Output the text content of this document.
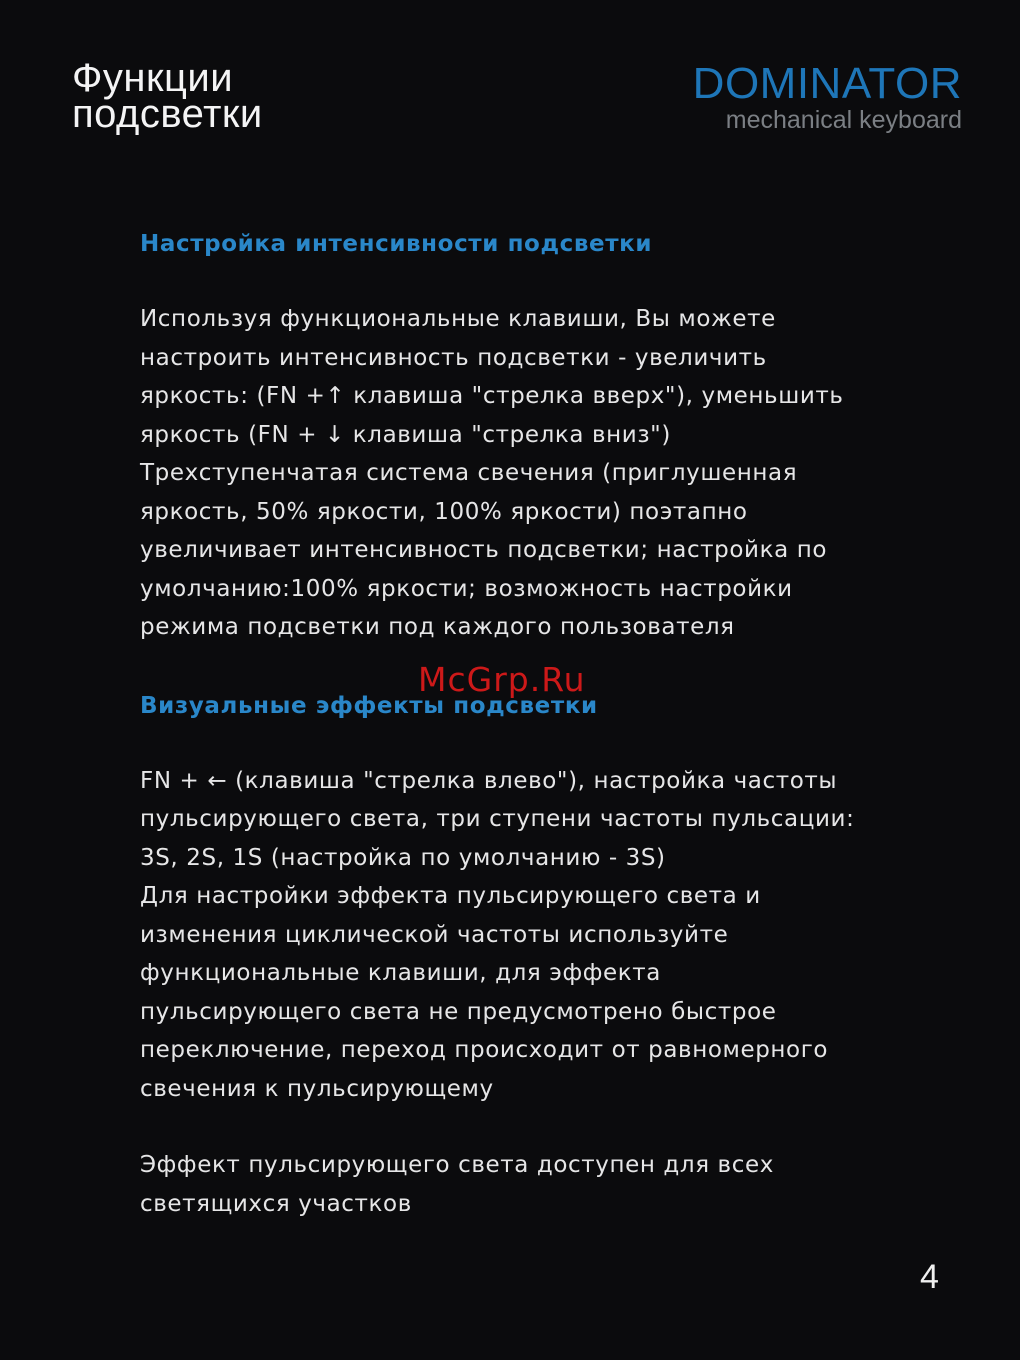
Функции
подсветки
DOMINATOR
mechanical keyboard
Настройка интенсивности подсветки

Используя функциональные клавиши, Вы можете
настроить интенсивность подсветки - увеличить
яркость: (FN +↑ клавиша "стрелка вверх"), уменьшить
яркость (FN + ↓ клавиша "стрелка вниз")
Трехступенчатая система свечения (приглушенная
яркость, 50% яркости, 100% яркости) поэтапно
увеличивает интенсивность подсветки; настройка по
умолчанию:100% яркости; возможность настройки
режима подсветки под каждого пользователя

Визуальные эффекты подсветки

FN + ← (клавиша "стрелка влево"), настройка частоты
пульсирующего света, три ступени частоты пульсации:
3S, 2S, 1S (настройка по умолчанию - 3S)
Для настройки эффекта пульсирующего света и
изменения циклической частоты используйте
функциональные клавиши, для эффекта
пульсирующего света не предусмотрено быстрое
переключение, переход происходит от равномерного
свечения к пульсирующему

Эффект пульсирующего света доступен для всех
светящихся участков

McGrp.Ru
4
